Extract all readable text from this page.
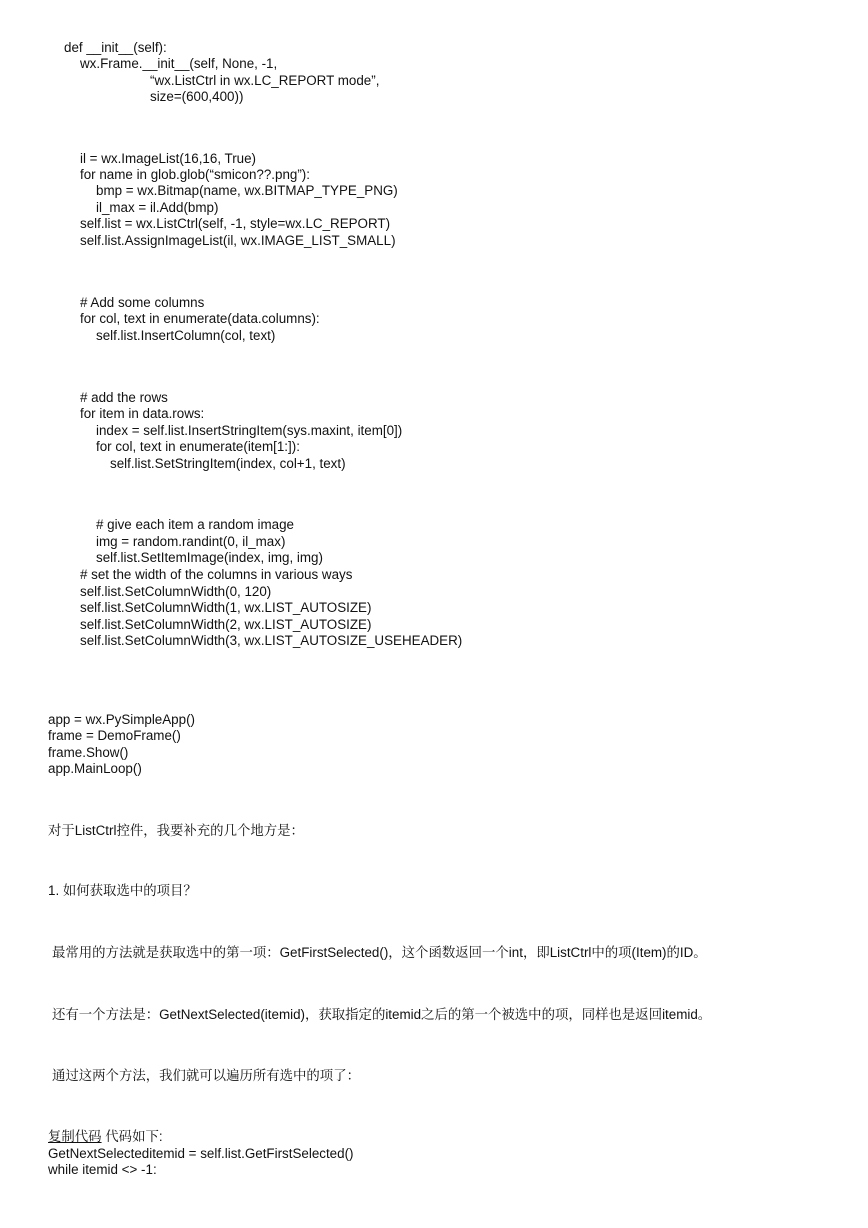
def __init__(self):
wx.Frame.__init__(self, None, -1,
“wx.ListCtrl in wx.LC_REPORT mode”,
size=(600,400))
il = wx.ImageList(16,16, True)
for name in glob.glob(“smicon??.png”):
bmp = wx.Bitmap(name, wx.BITMAP_TYPE_PNG)
il_max = il.Add(bmp)
self.list = wx.ListCtrl(self, -1, style=wx.LC_REPORT)
self.list.AssignImageList(il, wx.IMAGE_LIST_SMALL)
# Add some columns
for col, text in enumerate(data.columns):
self.list.InsertColumn(col, text)
# add the rows
for item in data.rows:
index = self.list.InsertStringItem(sys.maxint, item[0])
for col, text in enumerate(item[1:]):
self.list.SetStringItem(index, col+1, text)
# give each item a random image
img = random.randint(0, il_max)
self.list.SetItemImage(index, img, img)
# set the width of the columns in various ways
self.list.SetColumnWidth(0, 120)
self.list.SetColumnWidth(1, wx.LIST_AUTOSIZE)
self.list.SetColumnWidth(2, wx.LIST_AUTOSIZE)
self.list.SetColumnWidth(3, wx.LIST_AUTOSIZE_USEHEADER)
app = wx.PySimpleApp()
frame = DemoFrame()
frame.Show()
app.MainLoop()
对于ListCtrl控件，我要补充的几个地方是：
1. 如何获取选中的项目？
最常用的方法就是获取选中的第一项：GetFirstSelected()，这个函数返回一个int，即ListCtrl中的项(Item)的ID。
还有一个方法是：GetNextSelected(itemid)，获取指定的itemid之后的第一个被选中的项，同样也是返回itemid。
通过这两个方法，我们就可以遍历所有选中的项了：
复制代码 代码如下:
GetNextSelecteditemid = self.list.GetFirstSelected()
while itemid <> -1:
